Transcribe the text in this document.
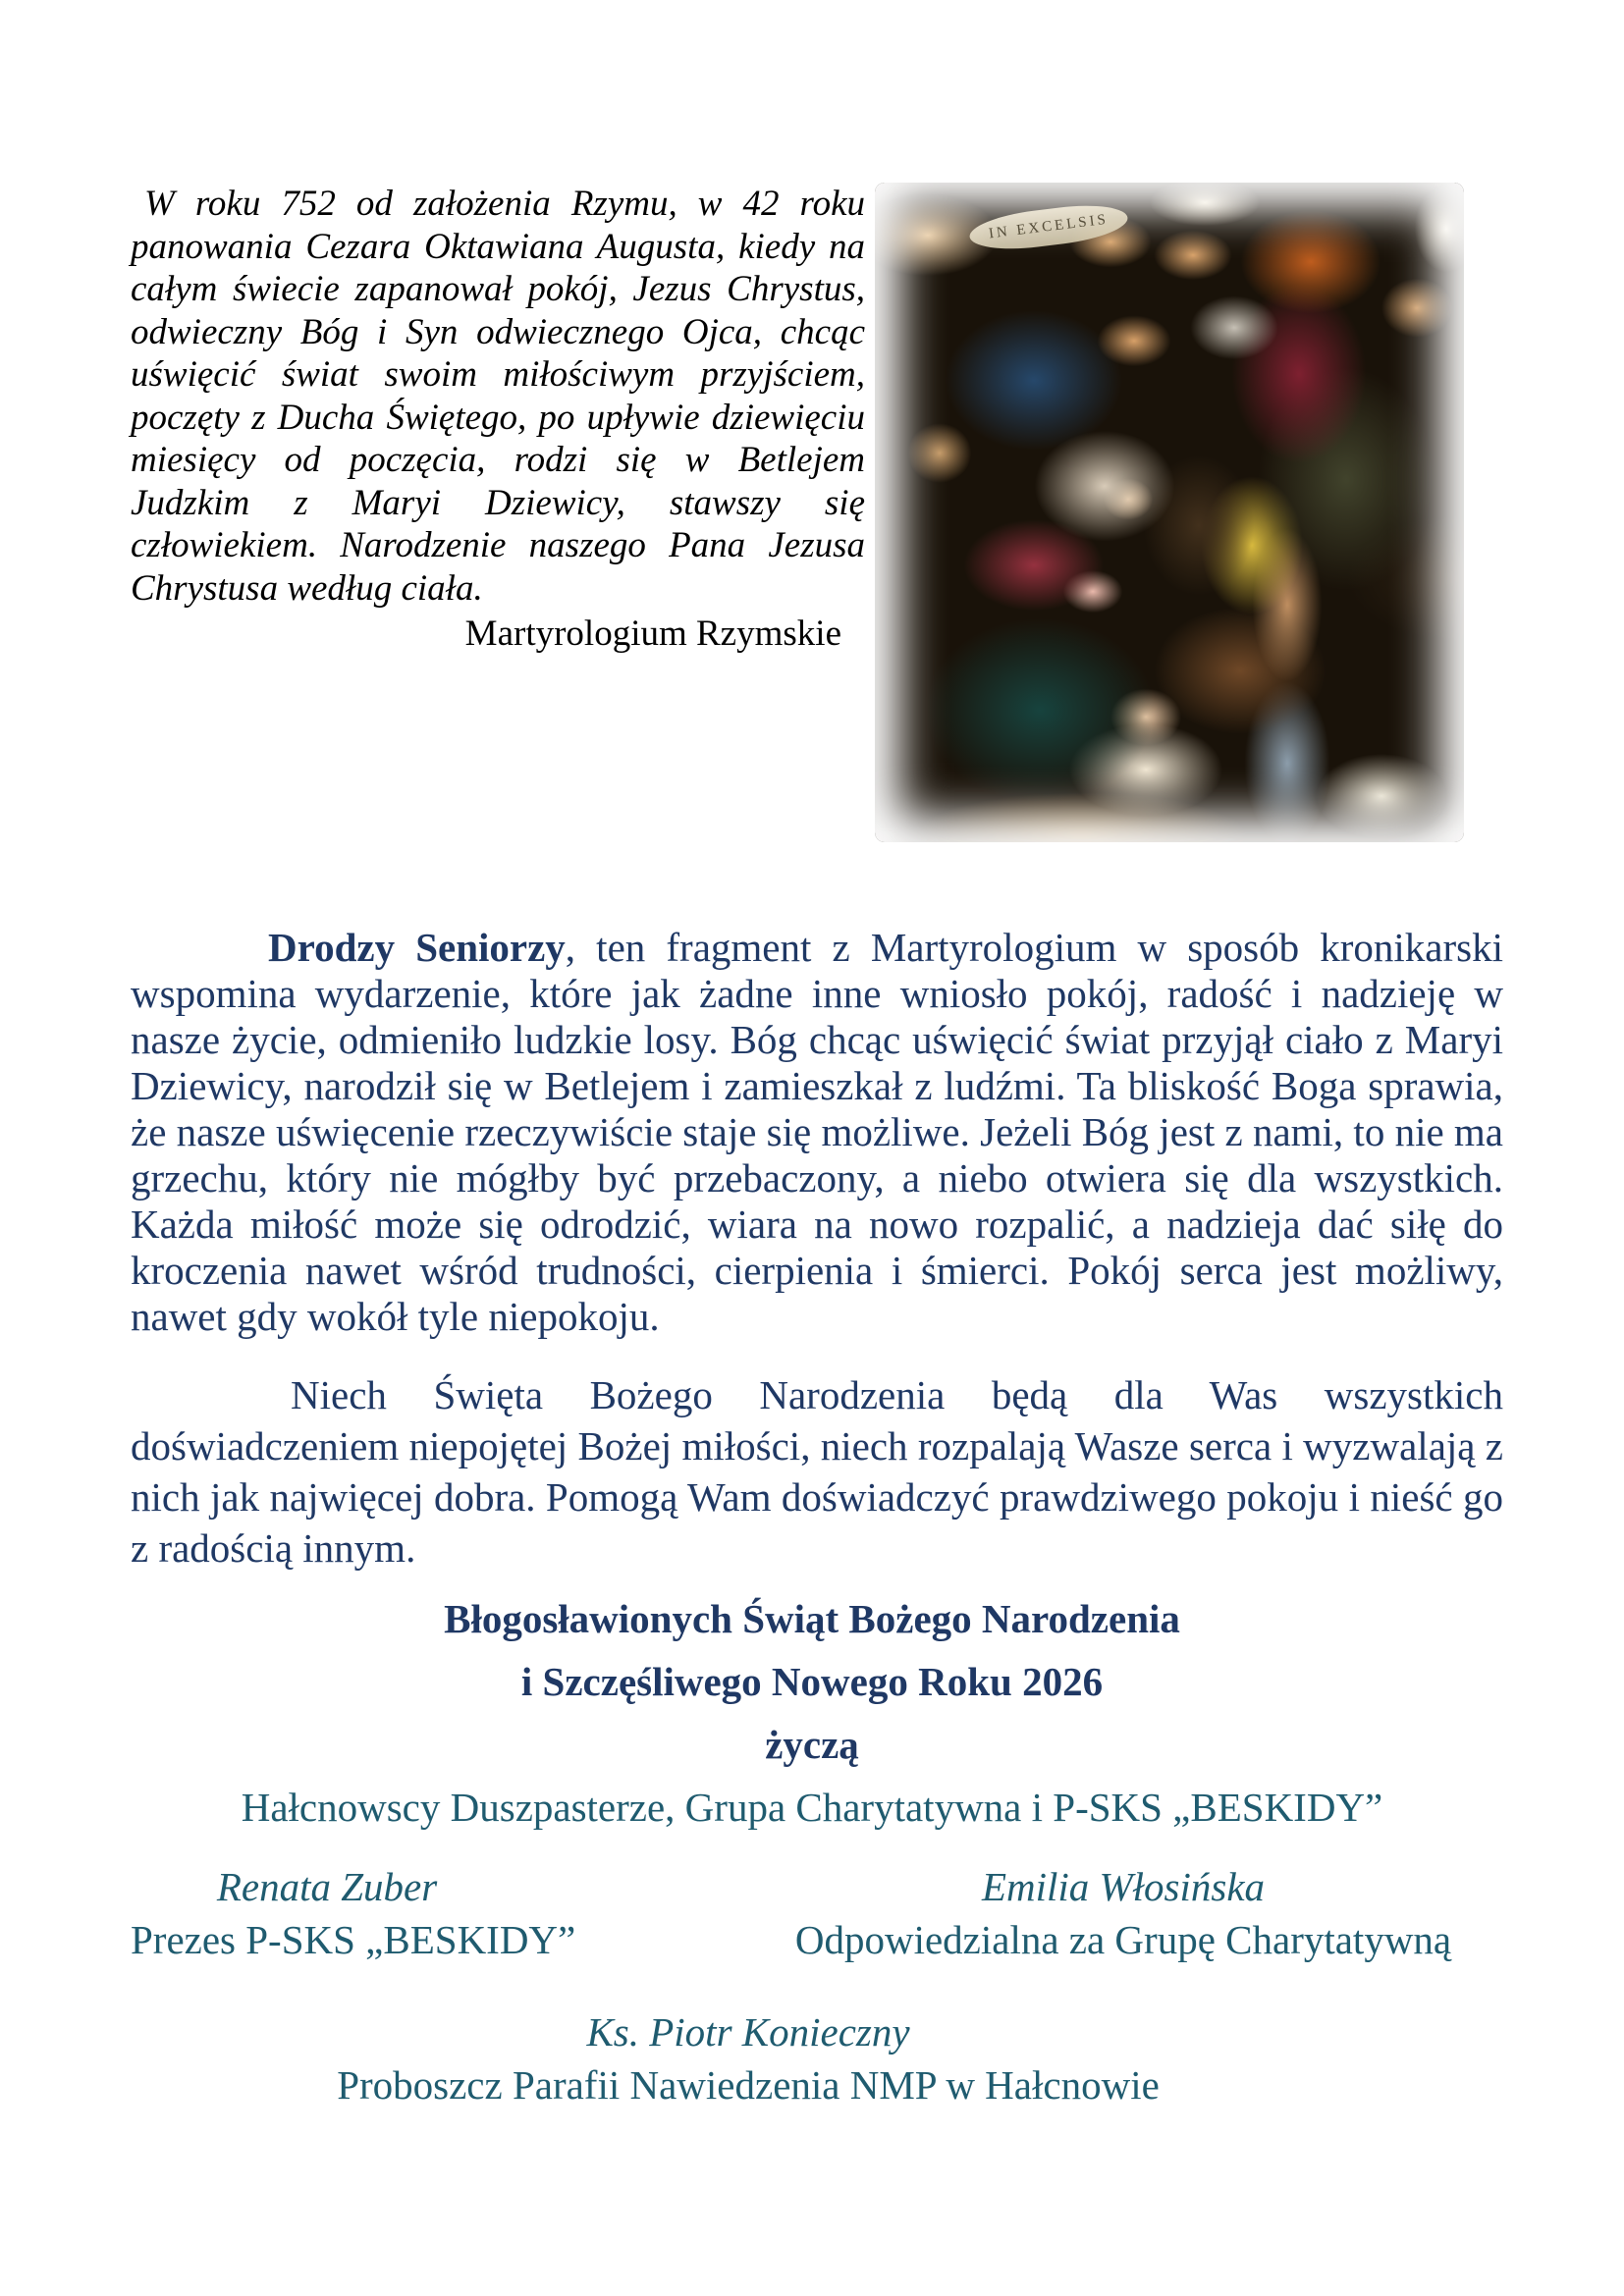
W roku 752 od założenia Rzymu, w 42 roku panowania Cezara Oktawiana Augusta, kiedy na całym świecie zapanował pokój, Jezus Chrystus, odwieczny Bóg i Syn odwiecznego Ojca, chcąc uświęcić świat swoim miłościwym przyjściem, poczęty z Ducha Świętego, po upływie dziewięciu miesięcy od poczęcia, rodzi się w Betlejem Judzkim z Maryi Dziewicy, stawszy się człowiekiem. Narodzenie naszego Pana Jezusa Chrystusa według ciała.

Martyrologium Rzymskie
IN EXCELSIS

Drodzy Seniorzy, ten fragment z Martyrologium w sposób kronikarski wspomina wydarzenie, które jak żadne inne wniosło pokój, radość i nadzieję w nasze życie, odmieniło ludzkie losy. Bóg chcąc uświęcić świat przyjął ciało z Maryi Dziewicy, narodził się w Betlejem i zamieszkał z ludźmi. Ta bliskość Boga sprawia, że nasze uświęcenie rzeczywiście staje się możliwe. Jeżeli Bóg jest z nami, to nie ma grzechu, który nie mógłby być przebaczony, a niebo otwiera się dla wszystkich. Każda miłość może się odrodzić, wiara na nowo rozpalić, a nadzieja dać siłę do kroczenia nawet wśród trudności, cierpienia i śmierci. Pokój serca jest możliwy, nawet gdy wokół tyle niepokoju.

Niech Święta Bożego Narodzenia będą dla Was wszystkich doświadczeniem niepojętej Bożej miłości, niech rozpalają Wasze serca i wyzwalają z nich jak najwięcej dobra. Pomogą Wam doświadczyć prawdziwego pokoju i nieść go z radością innym.

Błogosławionych Świąt Bożego Narodzenia
i Szczęśliwego Nowego Roku 2026
życzą
Hałcnowscy Duszpasterze, Grupa Charytatywna i P-SKS „BESKIDY”
Renata Zuber
Prezes P-SKS „BESKIDY”
Emilia Włosińska
Odpowiedzialna za Grupę Charytatywną
Ks. Piotr Konieczny
Proboszcz Parafii Nawiedzenia NMP w Hałcnowie
